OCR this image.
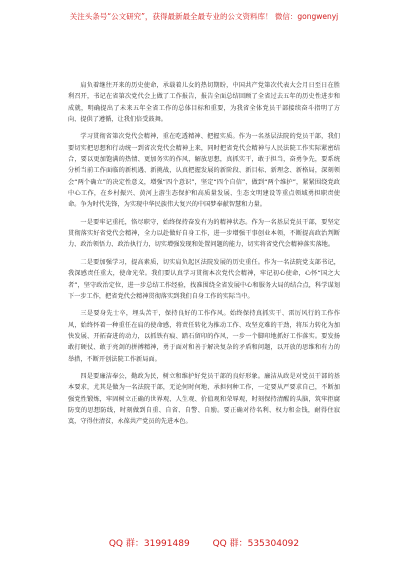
关注头条号“公文研究”，获得最新最全最专业的公文资料库！ 微信：gongwenyj

肩负着继往开来的历史使命，承载着儿女的热切期盼，中国共产党第次代表大会月日至日在胜利召开，书记在省第次党代会上做了工作报告，报告全面总结回顾了全省过去五年的历史性进步和成就，明确提出了未来五年全省工作的总体目标和重要，为我省全体党员干部接续奋斗指明了方向、提供了遵循，让我们倍受鼓舞。

学习贯彻省第次党代会精神，重在吃透精神、把握实质。作为一名基层法院的党员干部，我们要切实把思想和行动统一到省次党代会精神上来，同时把省党代会精神与人民法院工作实际紧密结合，要以更加饱满的热情、更加务实的作风，解放思想，真抓实干，敢于担当，奋勇争先，要系统分析当前工作面临的新机遇、新挑战，认真把握发展的新阶段、新目标、新理念、新格局，深刻领会“两个确立”的决定性意义，增强“四个意识”，坚定“四个自信”，做到“两个维护”，紧紧围绕党政中心工作，在乡村振兴、黄河上游生态保护和高质量发展、生态文明建设等重点领域勇担职责使命。争为时代先锋，为实现中华民族伟大复兴的中国梦奉献智慧和力量。

一是要牢记重托，恪尽职守，始终保持奋发有为的精神状态。作为一名基层党员干部，要坚定贯彻落实好省党代会精神，全力以赴做好自身工作，进一步增强干事创业本领，不断提高政治判断力、政治领悟力、政治执行力，切实增强发现和处置问题的能力，切实将省党代会精神落实落地。

二是要加强学习，提高素质，切实肩负起区法院发展的历史重任。作为一名法院党支部书记，我深感责任重大，使命光荣。我们要认真学习贯彻本次党代会精神，牢记初心使命，心怀“国之大者”，坚守政治定位，进一步总结工作经验，找准围绕全省发展中心和服务大局的结合点，科学谋划下一步工作，把省党代会精神贯彻落实到我们自身工作的实际当中。

三是要身先士卒，埋头苦干，保持良好的工作作风。始终保持真抓实干、雷厉风行的工作作风，始终怀着一种重任在肩的使命感，将责任转化为推动工作、攻坚克难的干劲，将压力转化为加快发展、开拓奋进的动力，以抓铁有痕、踏石留印的作风，一步一个脚印地抓好工作落实。要发扬敢打硬仗、敢于亮剑的拼搏精神，勇于面对和善于解决复杂的矛盾和问题，以开放的思维和有力的举措，不断开创法院工作新局面。

四是要廉洁奉公，勤政为民，树立和维护好党员干部的良好形象。廉洁从政是对党员干部的基本要求，尤其是做为一名法院干部，无论何时何地，承担何种工作，一定要从严要求自己，不断加强党性锻炼，牢固树立正确的世界观、人生观、价值观和荣辱观，时刻保持清醒的头脑，筑牢拒腐防变的思想防线，时刻做到自重、自省、自警、自励。要正确对待名利、权力和金钱，耐得住寂寞，守得住清贫，永葆共产党员的先进本色。

QQ 群：31991489	QQ 群：535304092
